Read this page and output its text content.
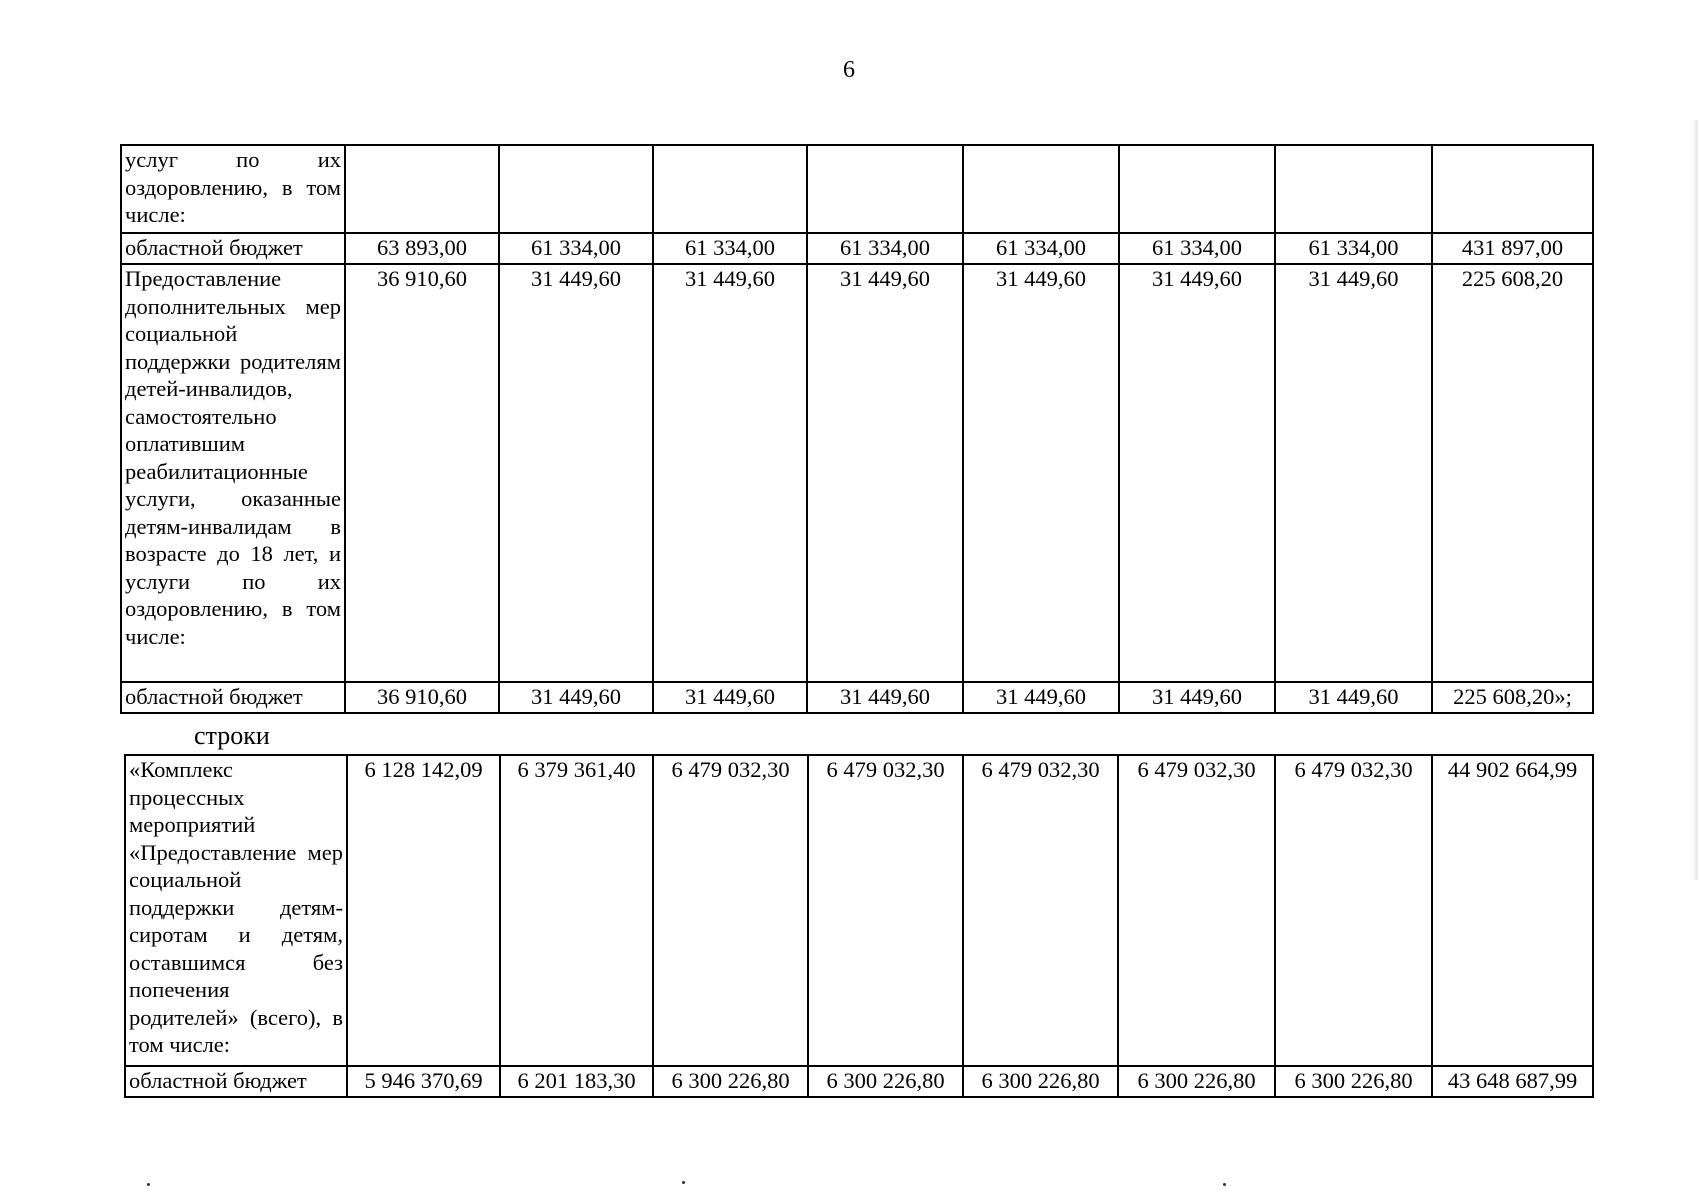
6
услуг по их оздоровлению, в том числе:								
областной бюджет	63 893,00	61 334,00	61 334,00	61 334,00	61 334,00	61 334,00	61 334,00	431 897,00
Предоставление дополнительных мер социальной поддержки родителям детей-инвалидов, самостоятельно оплатившим реабилитационные услуги, оказанные детям-инвалидам в возрасте до 18 лет, и услуги по их оздоровлению, в том числе:	36 910,60	31 449,60	31 449,60	31 449,60	31 449,60	31 449,60	31 449,60	225 608,20
областной бюджет	36 910,60	31 449,60	31 449,60	31 449,60	31 449,60	31 449,60	31 449,60	225 608,20»;
строки
«Комплекс процессных мероприятий «Предоставление мер социальной поддержки детям-сиротам и детям, оставшимся без попечения родителей» (всего), в том числе:	6 128 142,09	6 379 361,40	6 479 032,30	6 479 032,30	6 479 032,30	6 479 032,30	6 479 032,30	44 902 664,99
областной бюджет	5 946 370,69	6 201 183,30	6 300 226,80	6 300 226,80	6 300 226,80	6 300 226,80	6 300 226,80	43 648 687,99
